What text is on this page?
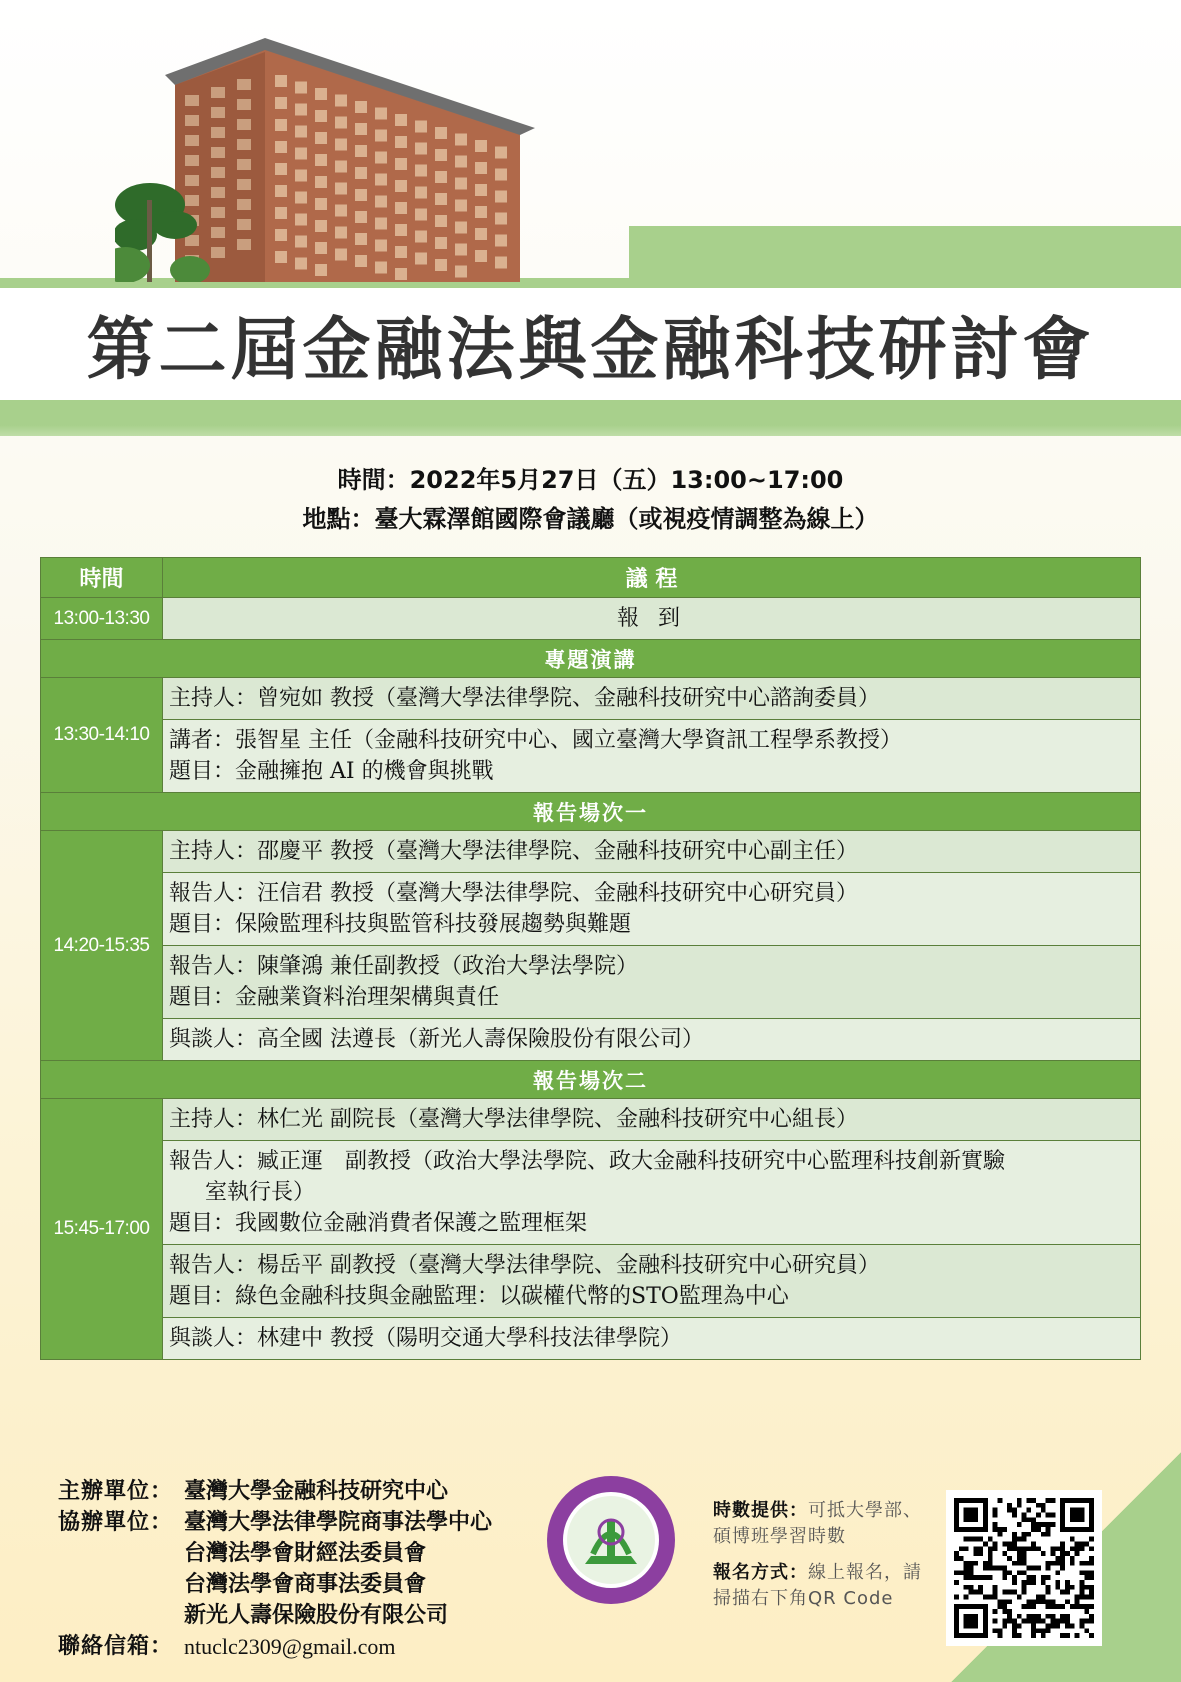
第二屆金融法與金融科技研討會
時間：2022年5月27日（五）13:00~17:00
地點：臺大霖澤館國際會議廳（或視疫情調整為線上）
時間	議 程
13:00-13:30	報 到
專題演講	
13:30-14:10	主持人：曾宛如 教授（臺灣大學法律學院、金融科技研究中心諮詢委員）

	講者：張智星 主任（金融科技研究中心、國立臺灣大學資訊工程學系教授）
題目：金融擁抱 AI 的機會與挑戰

報告場次一	
14:20-15:35	主持人：邵慶平 教授（臺灣大學法律學院、金融科技研究中心副主任）

	報告人：汪信君 教授（臺灣大學法律學院、金融科技研究中心研究員）
題目：保險監理科技與監管科技發展趨勢與難題

	報告人：陳肇鴻 兼任副教授（政治大學法學院）
題目：金融業資料治理架構與責任

	與談人：高全國 法遵長（新光人壽保險股份有限公司）

報告場次二	
15:45-17:00	主持人：林仁光 副院長（臺灣大學法律學院、金融科技研究中心組長）

	報告人：臧正運　副教授（政治大學法學院、政大金融科技研究中心監理科技創新實驗
室執行長）
題目：我國數位金融消費者保護之監理框架

	報告人：楊岳平 副教授（臺灣大學法律學院、金融科技研究中心研究員）
題目：綠色金融科技與金融監理：以碳權代幣的STO監理為中心

	與談人：林建中 教授（陽明交通大學科技法律學院）
主辦單位： 臺灣大學金融科技研究中心
協辦單位： 臺灣大學法律學院商事法學中心
台灣法學會財經法委員會
台灣法學會商事法委員會
新光人壽保險股份有限公司
聯絡信箱： ntuclc2309@gmail.com

時數提供：可抵大學部、碩博班學習時數

報名方式：線上報名，請掃描右下角QR Code
